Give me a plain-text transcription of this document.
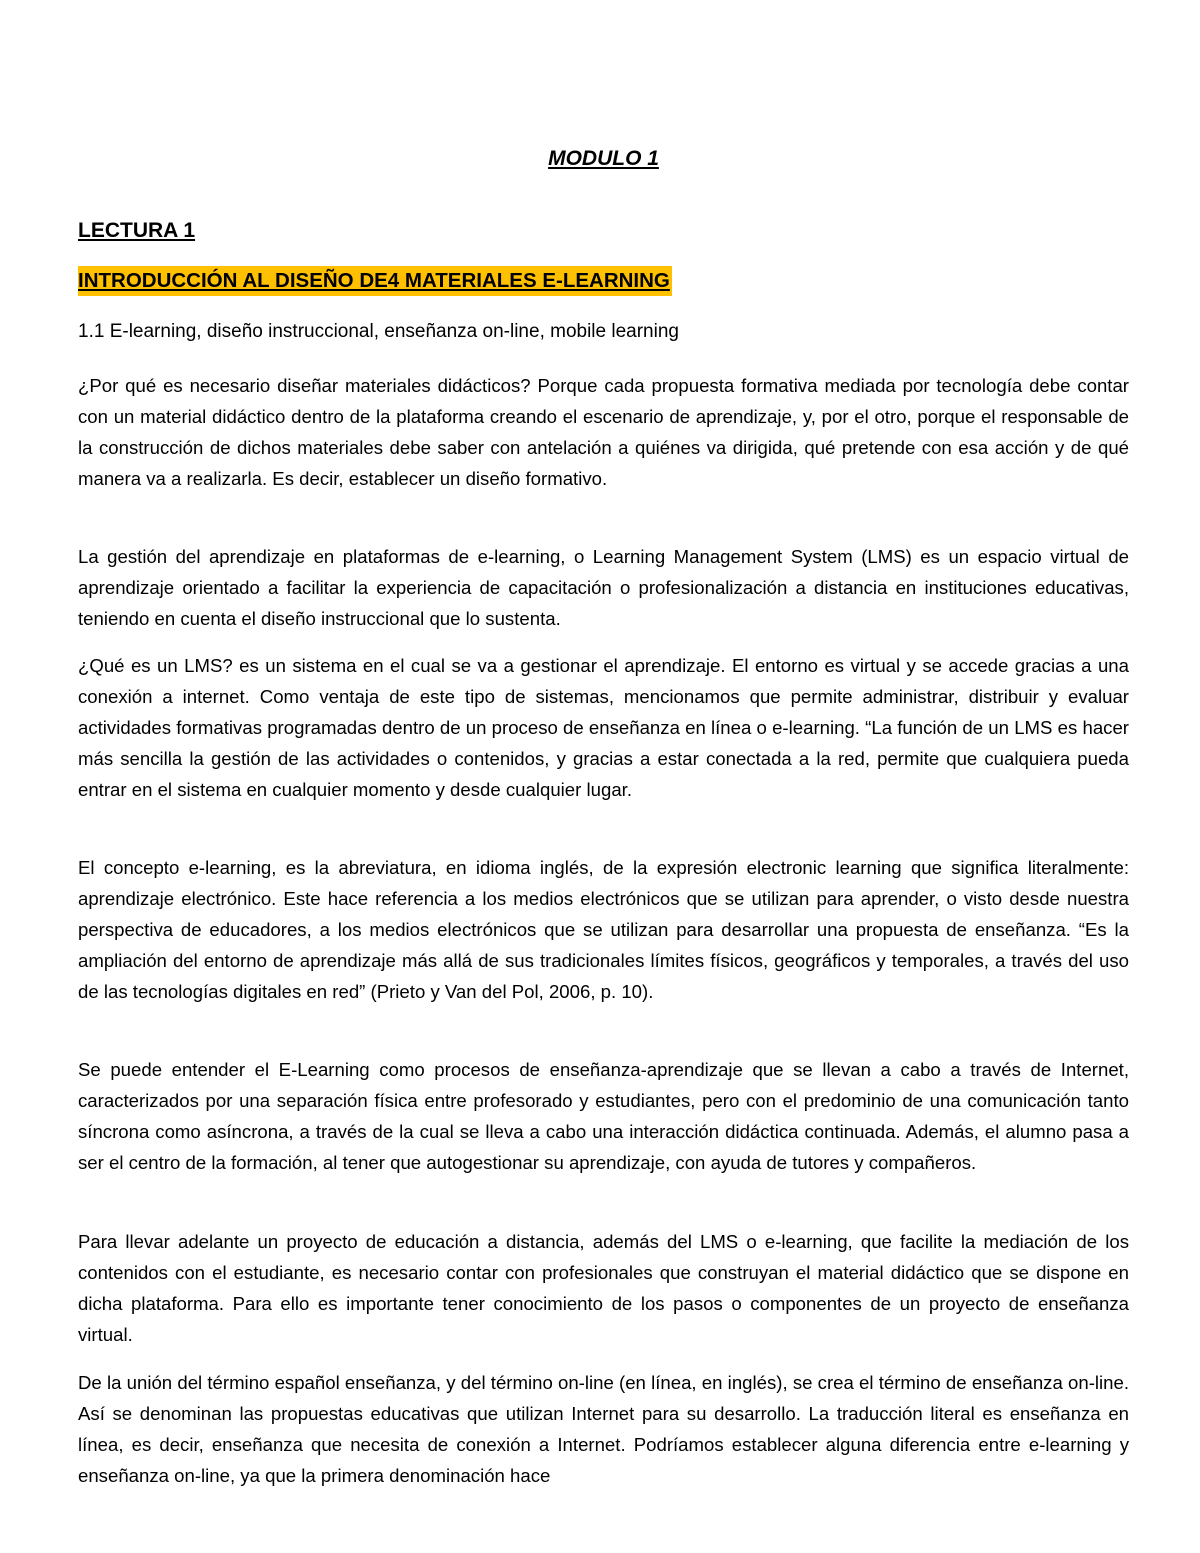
MODULO 1
LECTURA 1
INTRODUCCIÓN AL DISEÑO DE4 MATERIALES E-LEARNING
1.1 E-learning, diseño instruccional, enseñanza on-line, mobile learning

¿Por qué es necesario diseñar materiales didácticos? Porque cada propuesta formativa mediada por tecnología debe contar con un material didáctico dentro de la plataforma creando el escenario de aprendizaje, y, por el otro, porque el responsable de la construcción de dichos materiales debe saber con antelación a quiénes va dirigida, qué pretende con esa acción y de qué manera va a realizarla. Es decir, establecer un diseño formativo.

La gestión del aprendizaje en plataformas de e-learning, o Learning Management System (LMS) es un espacio virtual de aprendizaje orientado a facilitar la experiencia de capacitación o profesionalización a distancia en instituciones educativas, teniendo en cuenta el diseño instruccional que lo sustenta.

¿Qué es un LMS? es un sistema en el cual se va a gestionar el aprendizaje. El entorno es virtual y se accede gracias a una conexión a internet. Como ventaja de este tipo de sistemas, mencionamos que permite administrar, distribuir y evaluar actividades formativas programadas dentro de un proceso de enseñanza en línea o e-learning. “La función de un LMS es hacer más sencilla la gestión de las actividades o contenidos, y gracias a estar conectada a la red, permite que cualquiera pueda entrar en el sistema en cualquier momento y desde cualquier lugar.

El concepto e-learning, es la abreviatura, en idioma inglés, de la expresión electronic learning que significa literalmente: aprendizaje electrónico. Este hace referencia a los medios electrónicos que se utilizan para aprender, o visto desde nuestra perspectiva de educadores, a los medios electrónicos que se utilizan para desarrollar una propuesta de enseñanza. “Es la ampliación del entorno de aprendizaje más allá de sus tradicionales límites físicos, geográficos y temporales, a través del uso de las tecnologías digitales en red” (Prieto y Van del Pol, 2006, p. 10).

Se puede entender el E-Learning como procesos de enseñanza-aprendizaje que se llevan a cabo a través de Internet, caracterizados por una separación física entre profesorado y estudiantes, pero con el predominio de una comunicación tanto síncrona como asíncrona, a través de la cual se lleva a cabo una interacción didáctica continuada. Además, el alumno pasa a ser el centro de la formación, al tener que autogestionar su aprendizaje, con ayuda de tutores y compañeros.

Para llevar adelante un proyecto de educación a distancia, además del LMS o e-learning, que facilite la mediación de los contenidos con el estudiante, es necesario contar con profesionales que construyan el material didáctico que se dispone en dicha plataforma. Para ello es importante tener conocimiento de los pasos o componentes de un proyecto de enseñanza virtual.

De la unión del término español enseñanza, y del término on-line (en línea, en inglés), se crea el término de enseñanza on-line. Así se denominan las propuestas educativas que utilizan Internet para su desarrollo. La traducción literal es enseñanza en línea, es decir, enseñanza que necesita de conexión a Internet. Podríamos establecer alguna diferencia entre e-learning y enseñanza on-line, ya que la primera denominación hace
